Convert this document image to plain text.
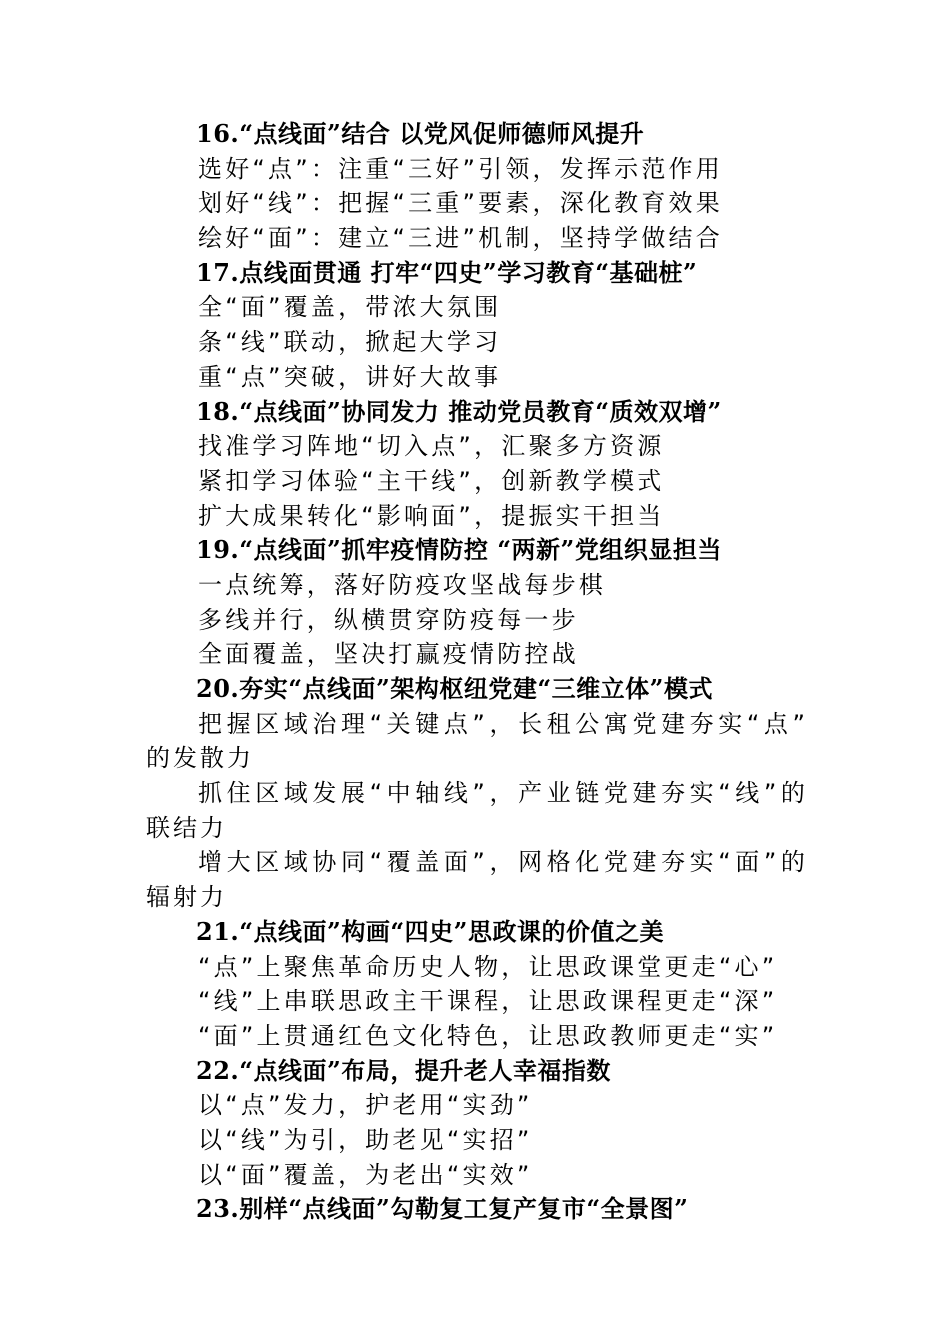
16.“点线面”结合 以党风促师德师风提升
选好“点”：注重“三好”引领，发挥示范作用
划好“线”：把握“三重”要素，深化教育效果
绘好“面”：建立“三进”机制，坚持学做结合
17.点线面贯通 打牢“四史”学习教育“基础桩”
全“面”覆盖，带浓大氛围
条“线”联动，掀起大学习
重“点”突破，讲好大故事
18.“点线面”协同发力 推动党员教育“质效双增”
找准学习阵地“切入点”，汇聚多方资源
紧扣学习体验“主干线”，创新教学模式
扩大成果转化“影响面”，提振实干担当
19.“点线面”抓牢疫情防控 “两新”党组织显担当
一点统筹，落好防疫攻坚战每步棋
多线并行，纵横贯穿防疫每一步
全面覆盖，坚决打赢疫情防控战
20.夯实“点线面”架构枢纽党建“三维立体”模式
把握区域治理“关键点”，长租公寓党建夯实“点”
的发散力
抓住区域发展“中轴线”，产业链党建夯实“线”的
联结力
增大区域协同“覆盖面”，网格化党建夯实“面”的
辐射力
21.“点线面”构画“四史”思政课的价值之美
“点”上聚焦革命历史人物，让思政课堂更走“心”
“线”上串联思政主干课程，让思政课程更走“深”
“面”上贯通红色文化特色，让思政教师更走“实”
22.“点线面”布局，提升老人幸福指数
以“点”发力，护老用“实劲”
以“线”为引，助老见“实招”
以“面”覆盖，为老出“实效”
23.别样“点线面”勾勒复工复产复市“全景图”
